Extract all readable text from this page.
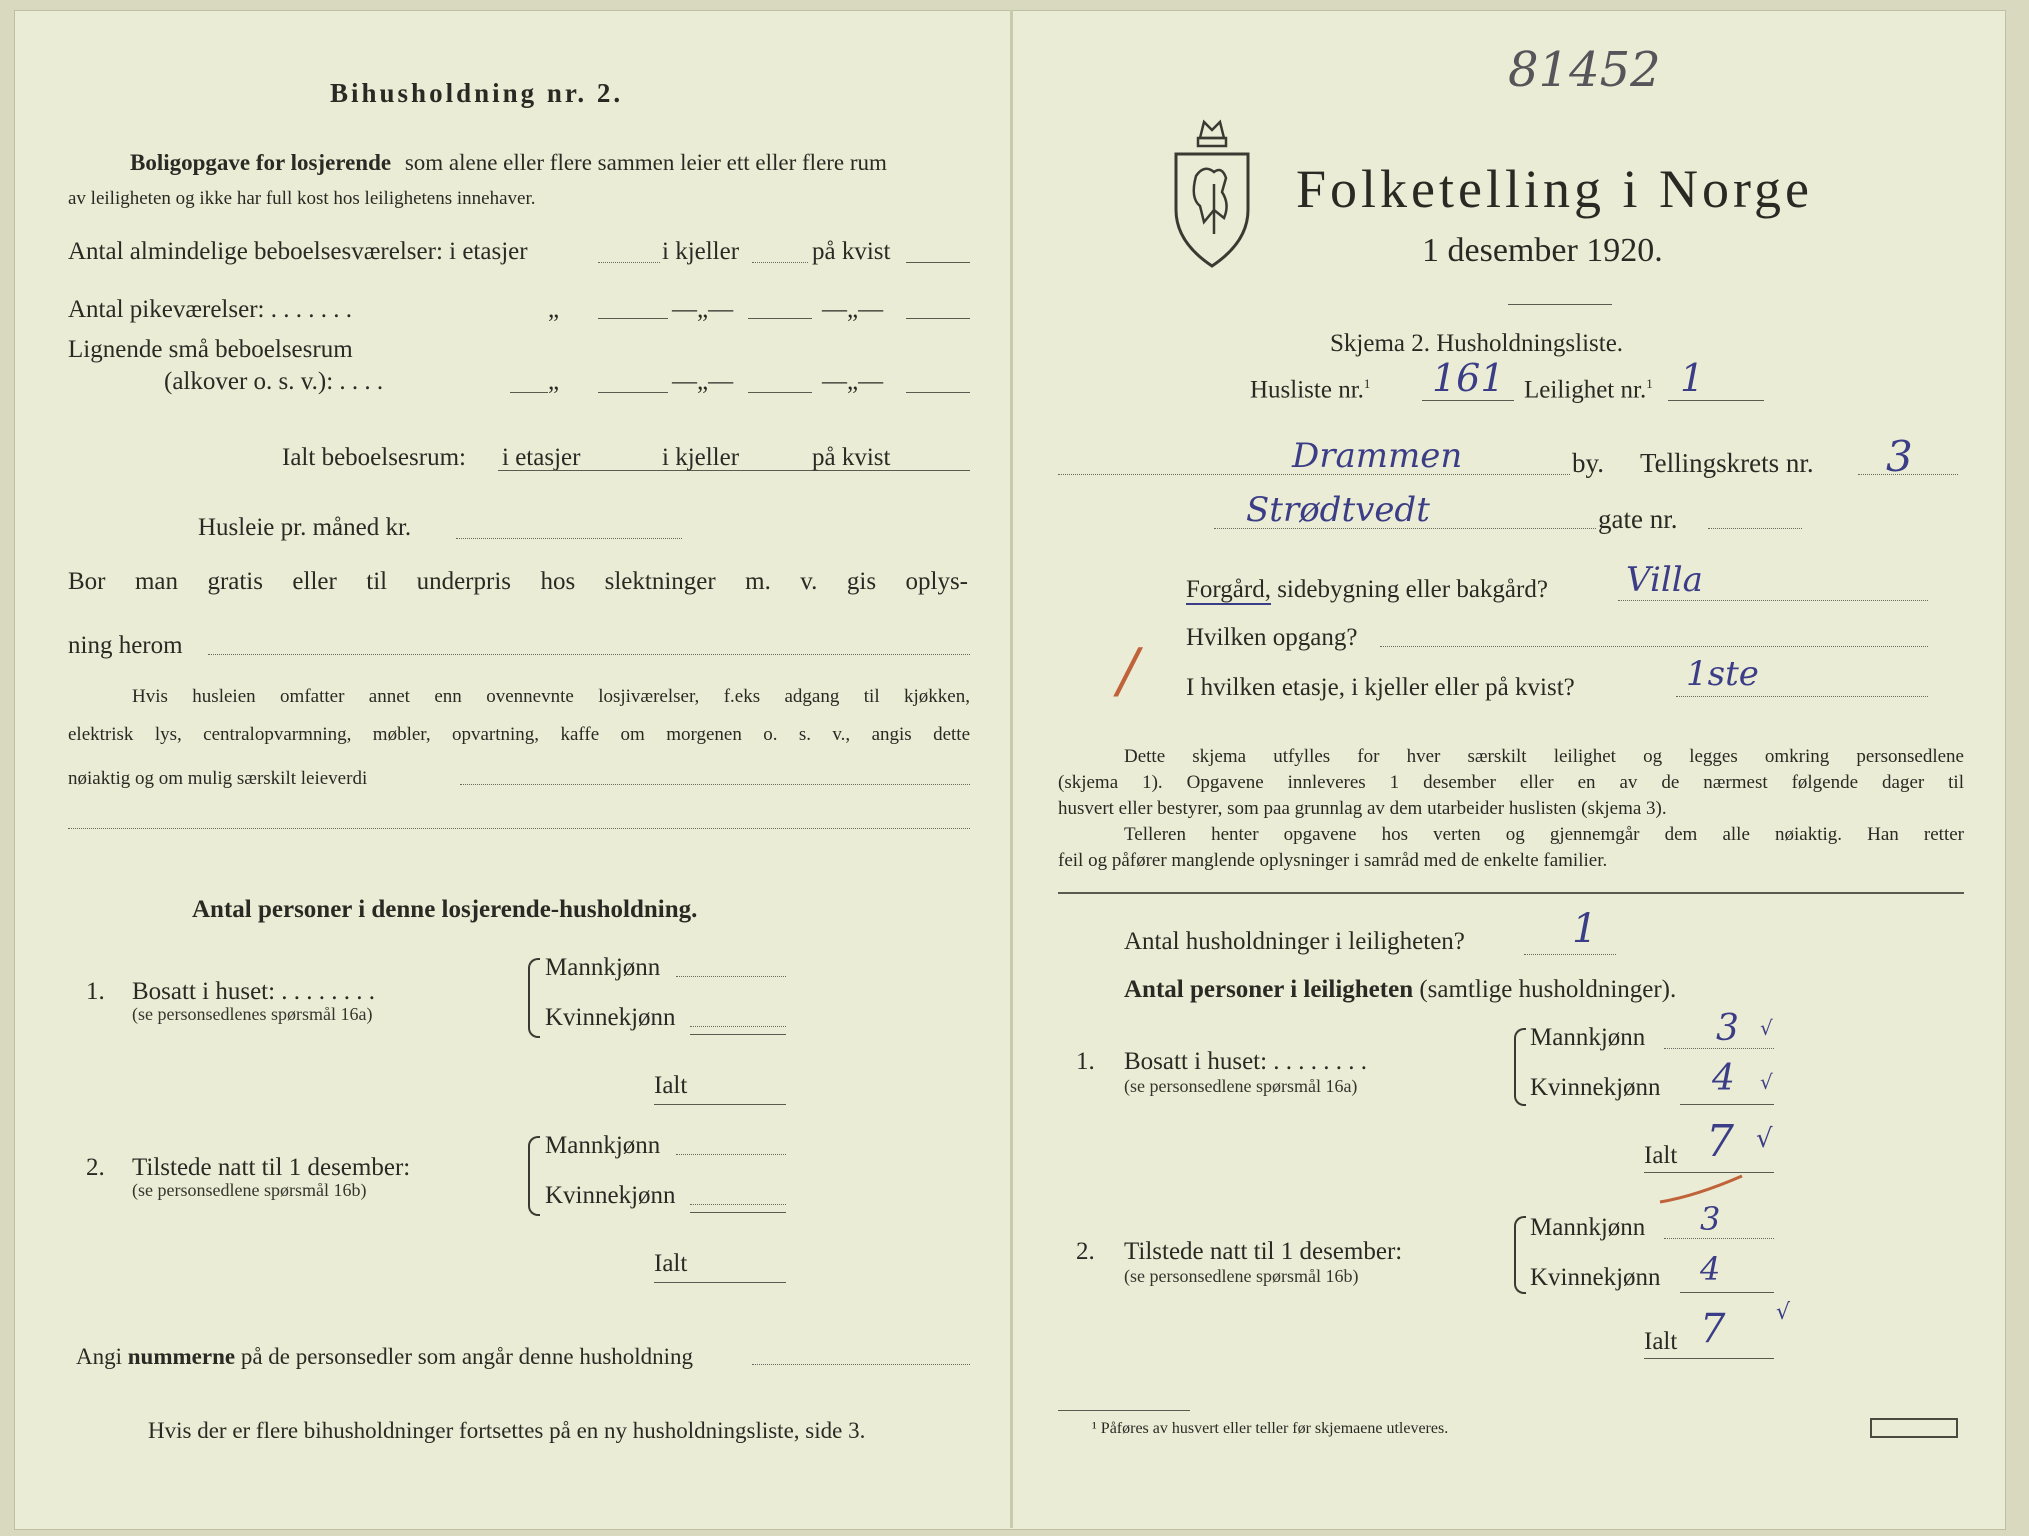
Bihusholdning nr. 2.
Boligopgave for losjerende som alene eller flere sammen leier ett eller flere rum
av leiligheten og ikke har full kost hos leilighetens innehaver.
Antal almindelige beboelsesværelser: i etasjer	i kjeller	på kvist
Antal pikeværelser: . . . . . . .	„	—„—	—„—
Lignende små beboelsesrum
(alkover o. s. v.): . . . .	„	—„—	—„—
Ialt beboelsesrum: i etasjer	i kjeller	på kvist
Husleie pr. måned kr.
Bor man gratis eller til underpris hos slektninger m. v. gis oplys-
ning herom
Hvis husleien omfatter annet enn ovennevnte losjiværelser, f.eks adgang til kjøkken,
elektrisk lys, centralopvarmning, møbler, opvartning, kaffe om morgenen o. s. v., angis dette
nøiaktig og om mulig særskilt leieverdi
Antal personer i denne losjerende-husholdning.
1. Bosatt i huset: . . . . . . . .
(se personsedlenes spørsmål 16a)
Mannkjønn
Kvinnekjønn
Ialt
2. Tilstede natt til 1 desember:
(se personsedlene spørsmål 16b)
Mannkjønn
Kvinnekjønn
Ialt
Angi nummerne på de personsedler som angår denne husholdning
Hvis der er flere bihusholdninger fortsettes på en ny husholdningsliste, side 3.
81452
Folketelling i Norge
1 desember 1920.
Skjema 2. Husholdningsliste.
Husliste nr.$^1$ 161 Leilighet nr.$^1$ 1
Drammen	by. Tellingskrets nr. 3
Strødtvedt	gate nr.
Forgård, sidebygning eller bakgård? Villa
Hvilken opgang?
/ I hvilken etasje, i kjeller eller på kvist?	1ste
Dette skjema utfylles for hver særskilt leilighet og legges omkring personsedlene
(skjema 1). Opgavene innleveres 1 desember eller en av de nærmest følgende dager til
husvert eller bestyrer, som paa grunnlag av dem utarbeider huslisten (skjema 3).
Telleren henter opgavene hos verten og gjennemgår dem alle nøiaktig. Han retter
feil og påfører manglende oplysninger i samråd med de enkelte familier.
Antal husholdninger i leiligheten?	1
Antal personer i leiligheten (samtlige husholdninger).
1. Bosatt i huset: . . . . . . . .
(se personsedlene spørsmål 16a)
Mannkjønn 3 √
Kvinnekjønn 4 √
Ialt 7 √
2. Tilstede natt til 1 desember:
(se personsedlene spørsmål 16b)
Mannkjønn 3
Kvinnekjønn 4
Ialt 7 √
¹ Påføres av husvert eller teller før skjemaene utleveres.
